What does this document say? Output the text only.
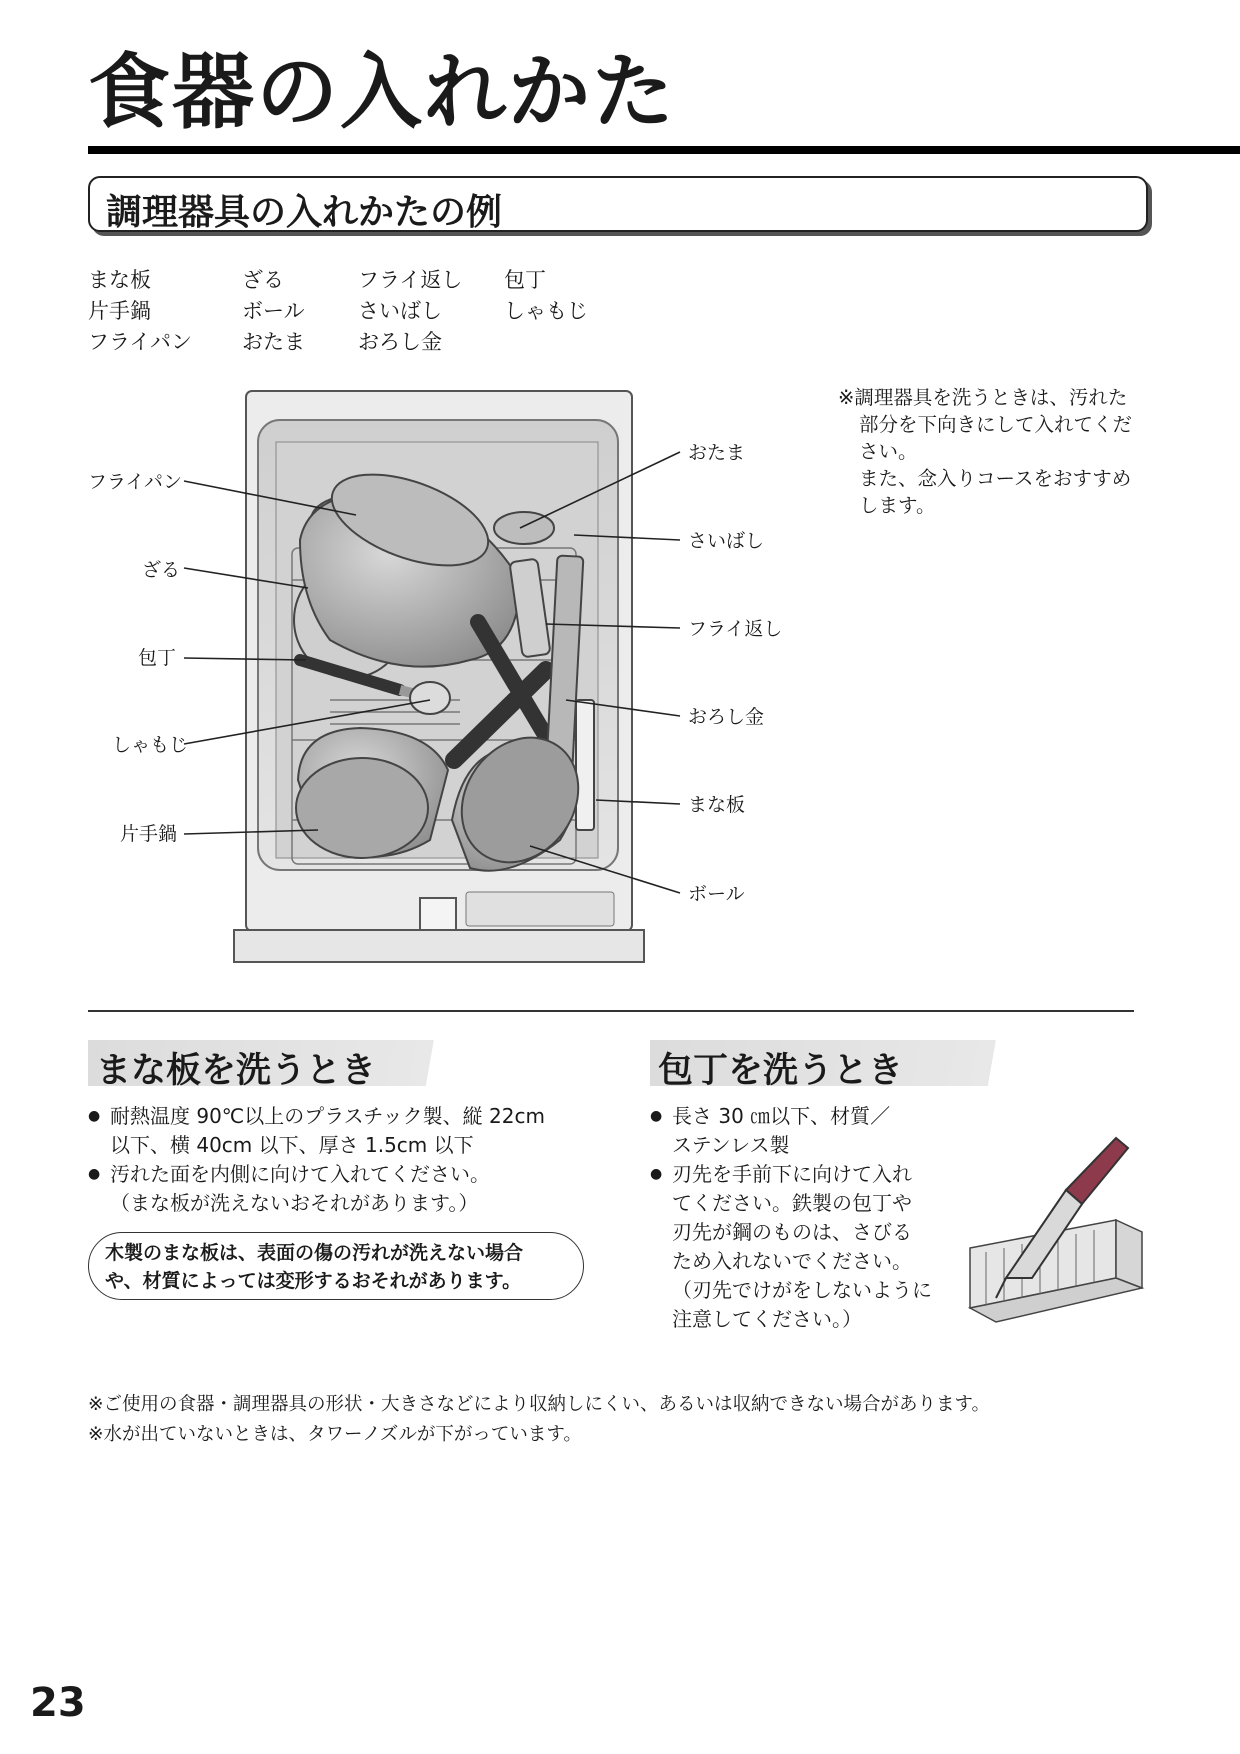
食器の入れかた
調理器具の入れかたの例
まな板	ざる	フライ返し	包丁
片手鍋	ボール	さいばし	しゃもじ
フライパン	おたま	おろし金

※調理器具を洗うときは、汚れた

部分を下向きにして入れてくだ

さい。

また、念入りコースをおすすめ

します。

フライパン
ざる
包丁
しゃもじ
片手鍋
おたま
さいばし
フライ返し
おろし金
まな板
ボール
まな板を洗うとき
● 耐熱温度 90℃以上のプラスチック製、縦 22cm
以下、横 40cm 以下、厚さ 1.5cm 以下
● 汚れた面を内側に向けて入れてください。
（まな板が洗えないおそれがあります。）
木製のまな板は、表面の傷の汚れが洗えない場合
や、材質によっては変形するおそれがあります。
包丁を洗うとき
● 長さ 30 ㎝以下、材質／
ステンレス製
● 刃先を手前下に向けて入れ
てください。鉄製の包丁や
刃先が鋼のものは、さびる
ため入れないでください。
（刃先でけがをしないように
注意してください。）
※ご使用の食器・調理器具の形状・大きさなどにより収納しにくい、あるいは収納できない場合があります。
※水が出ていないときは、タワーノズルが下がっています。
23
